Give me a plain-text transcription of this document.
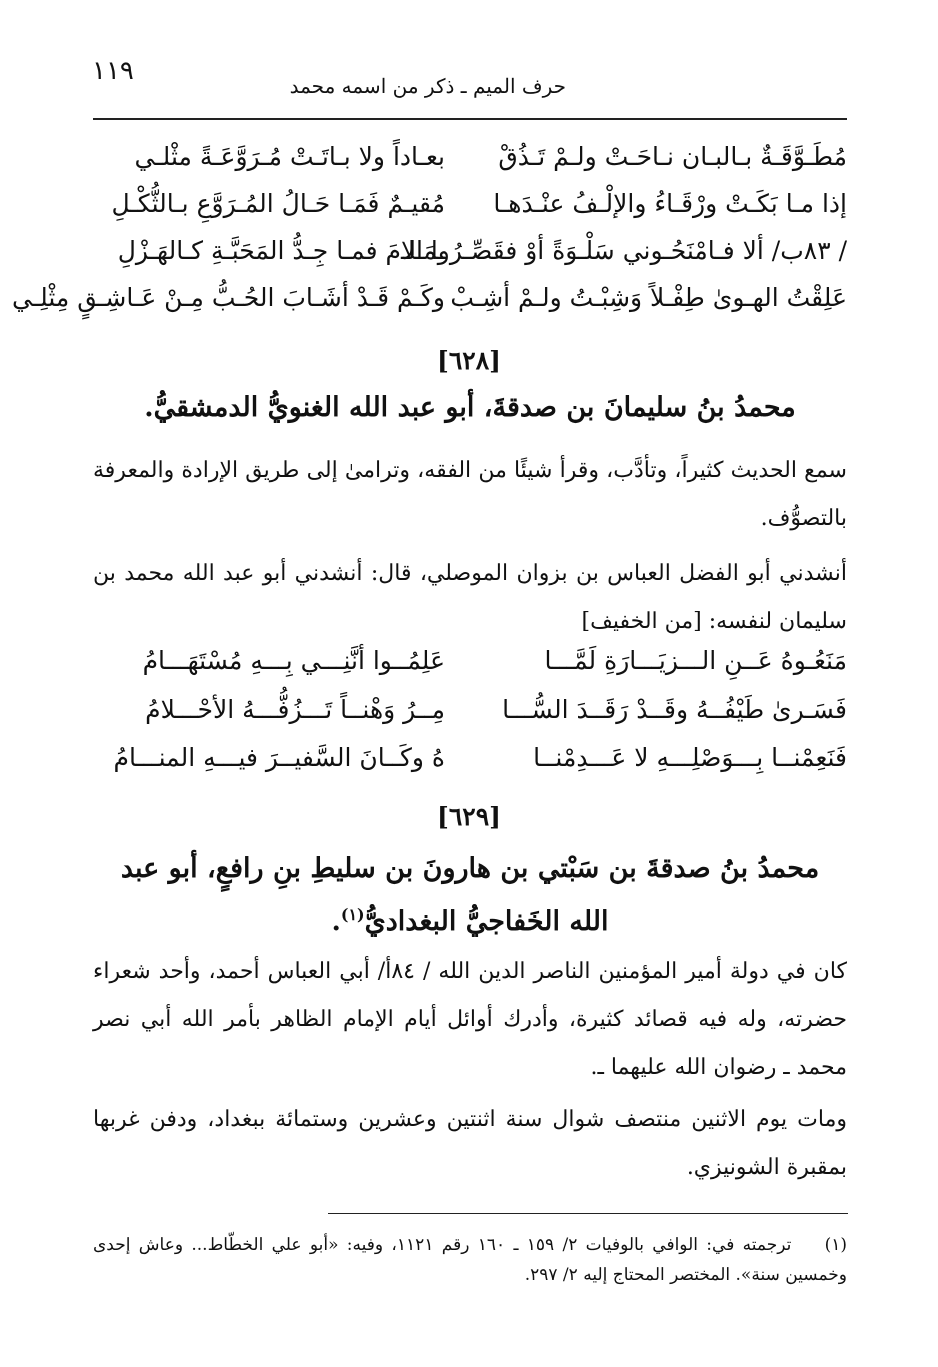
١١٩	حرف الميم ـ ذكر من اسمه محمد
مُطَـوَّقَـةٌ بـالبـان نـاحَـتْ ولـمْ تَـذُقْ
بعـاداً ولا بـاتَـتْ مُـرَوَّعَـةً مثْلـي
إذا مـا بَكَـتْ ورْقَـاءُ والإلْـفُ عنْـدَهـا
مُقيـمٌ فَمَـا حَـالُ المُـرَوَّعِ بـالثُّكْـلِ
/ ٨٣ب/ ألا فـامْنَحُـوني سَلْـوَةً أوْ فقَصِّـرُوا الـ
ـمَـلامَ فمـا جِـدُّ المَحَبَّـةِ كـالهَـزْلِ
عَلِقْتُ الهـوىٰ طِفْـلاً وَشِبْـتُ ولـمْ أشِـبْ
وكَـمْ قَـدْ أشَـابَ الحُـبُّ مِـنْ عَـاشِـقٍ مِثْلِـي
[٦٢٨]
محمدُ بنُ سليمانَ بن صدقةَ، أبو عبد الله الغنويُّ الدمشقيُّ.
سمع الحديث كثيراً، وتأدَّب، وقرأ شيئًا من الفقه، وترامىٰ إلى طريق الإرادة والمعرفة بالتصوُّف.
أنشدني أبو الفضل العباس بن بزوان الموصلي، قال: أنشدني أبو عبد الله محمد بن سليمان لنفسه: [من الخفيف]
مَنَعُـوهُ عَــنِ الـــزيَـــارَةِ لَمَّـــا
عَلِمُــوا أنَّنِـــي بِـــهِ مُسْتَهَـــامُ
فَسَـرىٰ طَيْفُــهُ وقَــدْ رَقَــدَ السُّـــا
مِــرُ وَهْنــاً تَـــزُفُّـــهُ الأحْـــلامُ
فَنَعِمْنــا بِـــوَصْلِـــهِ لا عَـــدِمْنــا
هُ وكَــانَ السَّفيــرَ فيـــهِ المنـــامُ
[٦٢٩]
محمدُ بنُ صدقةَ بن سَبْتي بن هارونَ بن سليطِ بنِ رافعٍ، أبو عبد
الله الخَفاجيُّ البغداديُّ$^{(١)}$.
كان في دولة أمير المؤمنين الناصر الدين الله / ٨٤أ/ أبي العباس أحمد، وأحد شعراء حضرته، وله فيه قصائد كثيرة، وأدرك أوائل أيام الإمام الظاهر بأمر الله أبي نصر محمد ـ رضوان الله عليهما ـ.
ومات يوم الاثنين منتصف شوال سنة اثنتين وعشرين وستمائة ببغداد، ودفن غربها بمقبرة الشونيزي.
(١)    ترجمته في: الوافي بالوفيات ٢/ ١٥٩ ـ ١٦٠ رقم ١١٢١، وفيه: «أبو علي الخطّاط... وعاش إحدى وخمسين سنة». المختصر المحتاج إليه ٢/ ٢٩٧.
